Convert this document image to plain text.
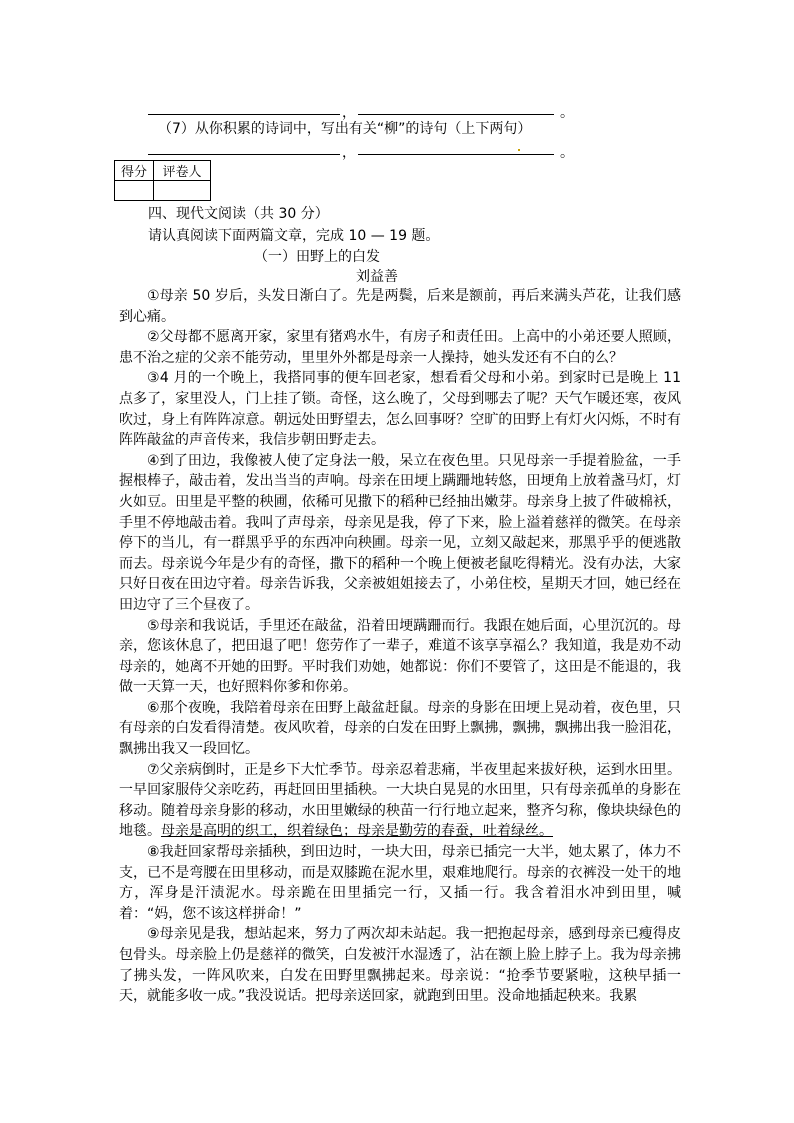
，	。
（7）从你积累的诗词中，写出有关“柳”的诗句（上下两句）
，	。
得分	评卷人

四、现代文阅读（共 30 分）
请认真阅读下面两篇文章，完成 10 — 19 题。
（一）田野上的白发
刘益善

①母亲 50 岁后，头发日渐白了。先是两鬓，后来是额前，再后来满头芦花，让我们感到心痛。

②父母都不愿离开家，家里有猪鸡水牛，有房子和责任田。上高中的小弟还要人照顾，患不治之症的父亲不能劳动，里里外外都是母亲一人操持，她头发还有不白的么？

③4 月的一个晚上，我搭同事的便车回老家，想看看父母和小弟。到家时已是晚上 11 点多了，家里没人，门上挂了锁。奇怪，这么晚了，父母到哪去了呢？天气乍暖还寒，夜风吹过，身上有阵阵凉意。朝远处田野望去，怎么回事呀？空旷的田野上有灯火闪烁，不时有阵阵敲盆的声音传来，我信步朝田野走去。

④到了田边，我像被人使了定身法一般，呆立在夜色里。只见母亲一手提着脸盆，一手握根棒子，敲击着，发出当当的声响。母亲在田埂上蹒跚地转悠，田埂角上放着盏马灯，灯火如豆。田里是平整的秧圃，依稀可见撒下的稻种已经抽出嫩芽。母亲身上披了件破棉袄，手里不停地敲击着。我叫了声母亲，母亲见是我，停了下来，脸上溢着慈祥的微笑。在母亲停下的当儿，有一群黑乎乎的东西冲向秧圃。母亲一见，立刻又敲起来，那黑乎乎的便逃散而去。母亲说今年是少有的奇怪，撒下的稻种一个晚上便被老鼠吃得精光。没有办法，大家只好日夜在田边守着。母亲告诉我，父亲被姐姐接去了，小弟住校，星期天才回，她已经在田边守了三个昼夜了。

⑤母亲和我说话，手里还在敲盆，沿着田埂蹒跚而行。我跟在她后面，心里沉沉的。母亲，您该休息了，把田退了吧！您劳作了一辈子，难道不该享享福么？我知道，我是劝不动母亲的，她离不开她的田野。平时我们劝她，她都说：你们不要管了，这田是不能退的，我做一天算一天，也好照料你爹和你弟。

⑥那个夜晚，我陪着母亲在田野上敲盆赶鼠。母亲的身影在田埂上晃动着，夜色里，只有母亲的白发看得清楚。夜风吹着，母亲的白发在田野上飘拂，飘拂，飘拂出我一脸泪花，飘拂出我又一段回忆。

⑦父亲病倒时，正是乡下大忙季节。母亲忍着悲痛，半夜里起来拔好秧，运到水田里。一早回家服侍父亲吃药，再赶回田里插秧。一大块白晃晃的水田里，只有母亲孤单的身影在移动。随着母亲身影的移动，水田里嫩绿的秧苗一行行地立起来，整齐匀称，像块块绿色的地毯。母亲是高明的织工，织着绿色；母亲是勤劳的春蚕，吐着绿丝。

⑧我赶回家帮母亲插秧，到田边时，一块大田，母亲已插完一大半，她太累了，体力不支，已不是弯腰在田里移动，而是双膝跪在泥水里，艰难地爬行。母亲的衣裤没一处干的地方，浑身是汗渍泥水。母亲跪在田里插完一行，又插一行。我含着泪水冲到田里，喊着：“妈，您不该这样拼命！”

⑨母亲见是我，想站起来，努力了两次却未站起。我一把抱起母亲，感到母亲已瘦得皮包骨头。母亲脸上仍是慈祥的微笑，白发被汗水湿透了，沾在额上脸上脖子上。我为母亲拂了拂头发，一阵风吹来，白发在田野里飘拂起来。母亲说：“抢季节要紧啦，这秧早插一天，就能多收一成。”我没说话。把母亲送回家，就跑到田里。没命地插起秧来。我累
